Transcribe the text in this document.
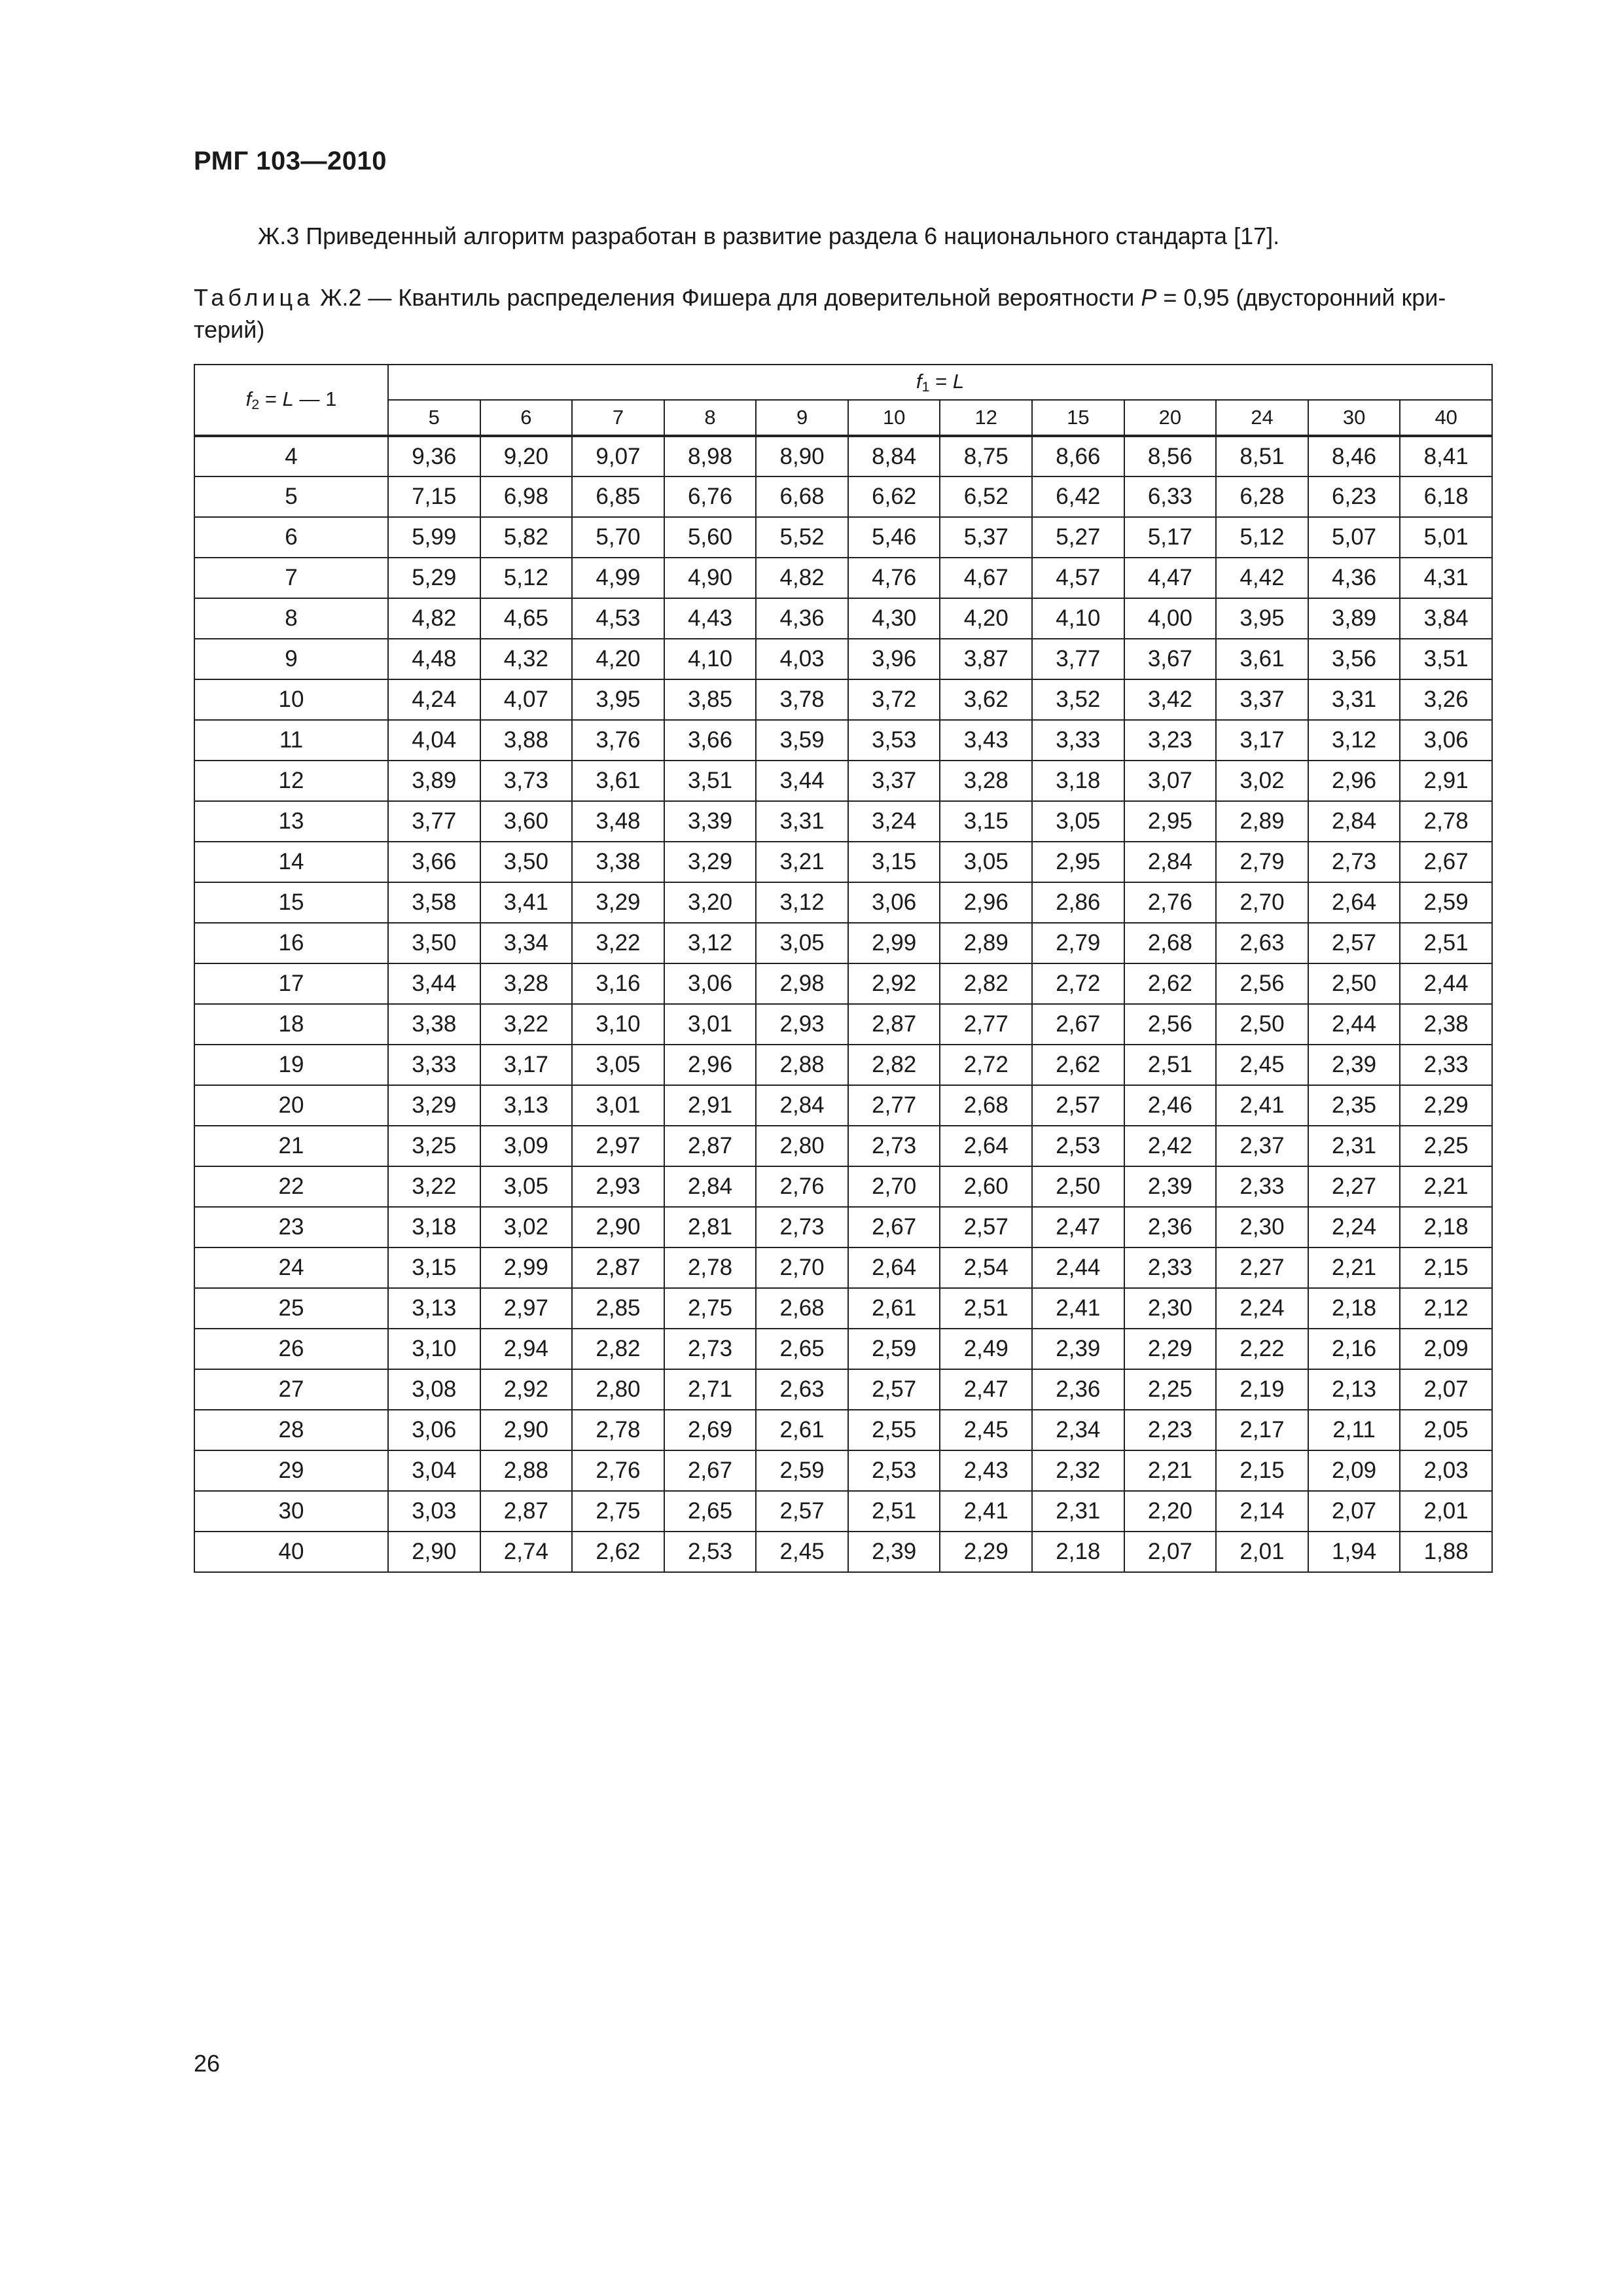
РМГ 103—2010
Ж.3 Приведенный алгоритм разработан в развитие раздела 6 национального стандарта [17].
Таблица Ж.2 — Квантиль распределения Фишера для доверительной вероятности P = 0,95 (двусторонний кри-
терий)
$f_2 = L$ — 1	$f_1 = L$											
	5	6	7	8	9	10	12	15	20	24	30	40
4	9,36	9,20	9,07	8,98	8,90	8,84	8,75	8,66	8,56	8,51	8,46	8,41
5	7,15	6,98	6,85	6,76	6,68	6,62	6,52	6,42	6,33	6,28	6,23	6,18
6	5,99	5,82	5,70	5,60	5,52	5,46	5,37	5,27	5,17	5,12	5,07	5,01
7	5,29	5,12	4,99	4,90	4,82	4,76	4,67	4,57	4,47	4,42	4,36	4,31
8	4,82	4,65	4,53	4,43	4,36	4,30	4,20	4,10	4,00	3,95	3,89	3,84
9	4,48	4,32	4,20	4,10	4,03	3,96	3,87	3,77	3,67	3,61	3,56	3,51
10	4,24	4,07	3,95	3,85	3,78	3,72	3,62	3,52	3,42	3,37	3,31	3,26
11	4,04	3,88	3,76	3,66	3,59	3,53	3,43	3,33	3,23	3,17	3,12	3,06
12	3,89	3,73	3,61	3,51	3,44	3,37	3,28	3,18	3,07	3,02	2,96	2,91
13	3,77	3,60	3,48	3,39	3,31	3,24	3,15	3,05	2,95	2,89	2,84	2,78
14	3,66	3,50	3,38	3,29	3,21	3,15	3,05	2,95	2,84	2,79	2,73	2,67
15	3,58	3,41	3,29	3,20	3,12	3,06	2,96	2,86	2,76	2,70	2,64	2,59
16	3,50	3,34	3,22	3,12	3,05	2,99	2,89	2,79	2,68	2,63	2,57	2,51
17	3,44	3,28	3,16	3,06	2,98	2,92	2,82	2,72	2,62	2,56	2,50	2,44
18	3,38	3,22	3,10	3,01	2,93	2,87	2,77	2,67	2,56	2,50	2,44	2,38
19	3,33	3,17	3,05	2,96	2,88	2,82	2,72	2,62	2,51	2,45	2,39	2,33
20	3,29	3,13	3,01	2,91	2,84	2,77	2,68	2,57	2,46	2,41	2,35	2,29
21	3,25	3,09	2,97	2,87	2,80	2,73	2,64	2,53	2,42	2,37	2,31	2,25
22	3,22	3,05	2,93	2,84	2,76	2,70	2,60	2,50	2,39	2,33	2,27	2,21
23	3,18	3,02	2,90	2,81	2,73	2,67	2,57	2,47	2,36	2,30	2,24	2,18
24	3,15	2,99	2,87	2,78	2,70	2,64	2,54	2,44	2,33	2,27	2,21	2,15
25	3,13	2,97	2,85	2,75	2,68	2,61	2,51	2,41	2,30	2,24	2,18	2,12
26	3,10	2,94	2,82	2,73	2,65	2,59	2,49	2,39	2,29	2,22	2,16	2,09
27	3,08	2,92	2,80	2,71	2,63	2,57	2,47	2,36	2,25	2,19	2,13	2,07
28	3,06	2,90	2,78	2,69	2,61	2,55	2,45	2,34	2,23	2,17	2,11	2,05
29	3,04	2,88	2,76	2,67	2,59	2,53	2,43	2,32	2,21	2,15	2,09	2,03
30	3,03	2,87	2,75	2,65	2,57	2,51	2,41	2,31	2,20	2,14	2,07	2,01
40	2,90	2,74	2,62	2,53	2,45	2,39	2,29	2,18	2,07	2,01	1,94	1,88
26
